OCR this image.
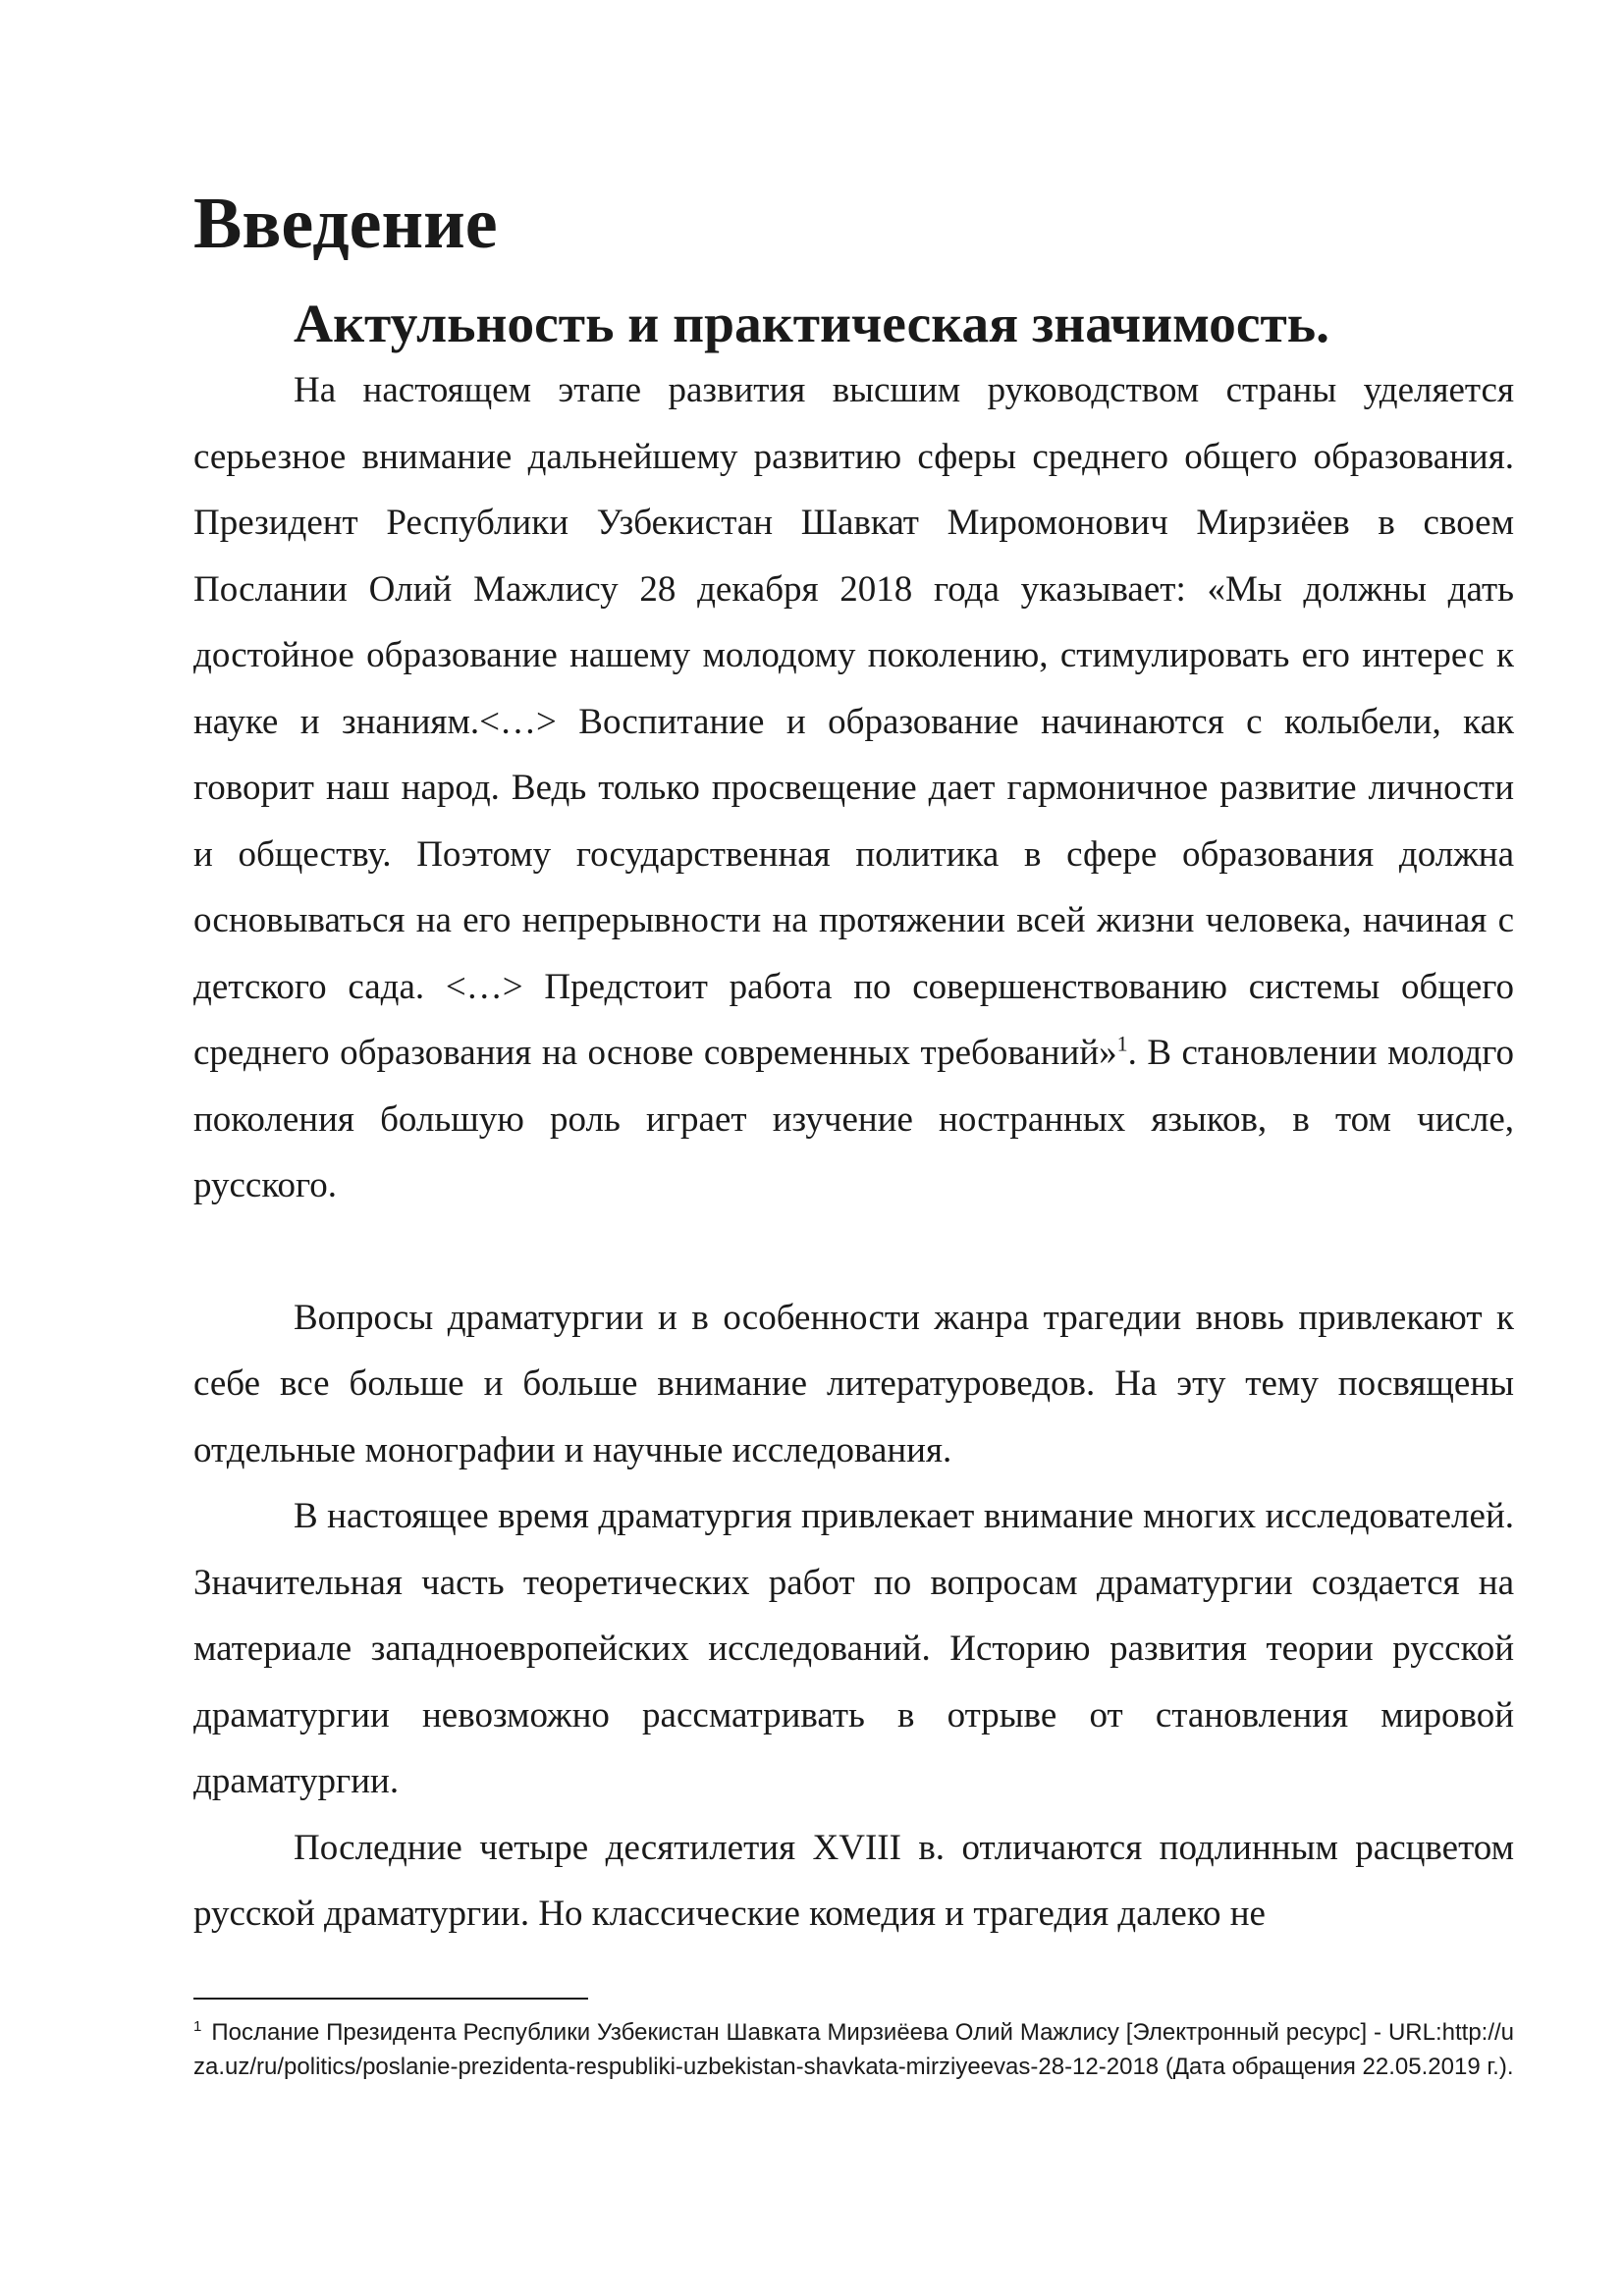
Введение
Актульность и практическая значимость.

На настоящем этапе развития высшим руководством страны уделяется серьезное внимание дальнейшему развитию сферы среднего общего образования. Президент Республики Узбекистан Шавкат Миромонович Мирзиёев в своем Послании Олий Мажлису 28 декабря 2018 года указывает: «Мы должны дать достойное образование нашему молодому поколению, стимулировать его интерес к науке и знаниям.<…> Воспитание и образование начинаются с колыбели, как говорит наш народ. Ведь только просвещение дает гармоничное развитие личности и обществу. Поэтому государственная политика в сфере образования должна основываться на его непрерывности на протяжении всей жизни человека, начиная с детского сада. <…> Предстоит работа по совершенствованию системы общего среднего образования на основе современных требований»$^1$. В становлении молодго поколения большую роль играет изучение ностранных языков, в том числе, русского.

Вопросы драматургии и в особенности жанра трагедии вновь привлекают к себе все больше и больше внимание литературоведов. На эту тему посвящены отдельные монографии и научные исследования.

В настоящее время драматургия привлекает внимание многих исследователей. Значительная часть теоретических работ по вопросам драматургии создается на материале западноевропейских исследований. Историю развития теории русской драматургии невозможно рассматривать в отрыве от становления мировой драматургии.

Последние четыре десятилетия XVIII в. отличаются подлинным расцветом русской драматургии. Но классические комедия и трагедия далеко не

$^1$ Послание Президента Республики Узбекистан Шавката Мирзиёева Олий Мажлису [Электронный ресурс] - URL:http://uza.uz/ru/politics/poslanie-prezidenta-respubliki-uzbekistan-shavkata-mirziyeevas-28-12-2018 (Дата обращения 22.05.2019 г.).
